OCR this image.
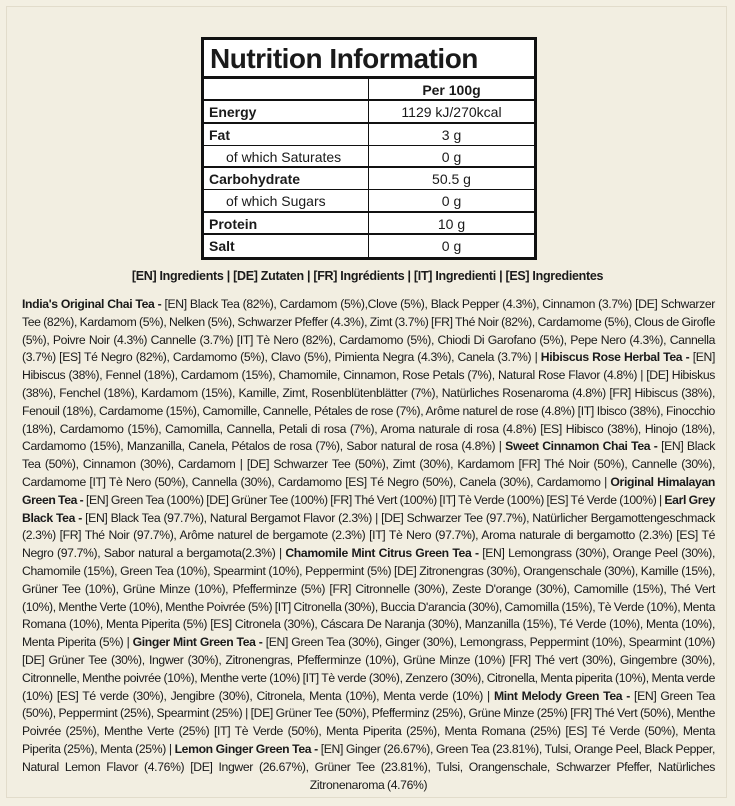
Nutrition Information
Per 100g
Energy	1129 kJ/270kcal
Fat	3 g
of which Saturates	0 g
Carbohydrate	50.5 g
of which Sugars	0 g
Protein	10 g
Salt	0 g
[EN] Ingredients | [DE] Zutaten | [FR] Ingrédients | [IT] Ingredienti | [ES] Ingredientes
India's Original Chai Tea - [EN] Black Tea (82%), Cardamom (5%),Clove (5%), Black Pepper (4.3%), Cinnamon (3.7%) [DE] Schwarzer Tee (82%), Kardamom (5%), Nelken (5%), Schwarzer Pfeffer (4.3%), Zimt (3.7%) [FR] Thé Noir (82%), Cardamome (5%), Clous de Girofle (5%), Poivre Noir (4.3%) Cannelle (3.7%) [IT] Tè Nero (82%), Cardamomo (5%), Chiodi Di Garofano (5%), Pepe Nero (4.3%), Cannella (3.7%) [ES] Té Negro (82%), Cardamomo (5%), Clavo (5%), Pimienta Negra (4.3%), Canela (3.7%) | Hibiscus Rose Herbal Tea - [EN] Hibiscus (38%), Fennel (18%), Cardamom (15%), Chamomile, Cinnamon, Rose Petals (7%), Natural Rose Flavor (4.8%) | [DE] Hibiskus (38%), Fenchel (18%), Kardamom (15%), Kamille, Zimt, Rosenblütenblätter (7%), Natürliches Rosenaroma (4.8%) [FR] Hibiscus (38%), Fenouil (18%), Cardamome (15%), Camomille, Cannelle, Pétales de rose (7%), Arôme naturel de rose (4.8%) [IT] Ibisco (38%), Finocchio (18%), Cardamomo (15%), Camomilla, Cannella, Petali di rosa (7%), Aroma naturale di rosa (4.8%) [ES] Hibisco (38%), Hinojo (18%), Cardamomo (15%), Manzanilla, Canela, Pétalos de rosa (7%), Sabor natural de rosa (4.8%) | Sweet Cinnamon Chai Tea - [EN] Black Tea (50%), Cinnamon (30%), Cardamom | [DE] Schwarzer Tee (50%), Zimt (30%), Kardamom [FR] Thé Noir (50%), Cannelle (30%), Cardamome [IT] Tè Nero (50%), Cannella (30%), Cardamomo [ES] Té Negro (50%), Canela (30%), Cardamomo | Original Himalayan Green Tea - [EN] Green Tea (100%) [DE] Grüner Tee (100%) [FR] Thé Vert (100%) [IT] Tè Verde (100%) [ES] Té Verde (100%) | Earl Grey Black Tea - [EN] Black Tea (97.7%), Natural Bergamot Flavor (2.3%) | [DE] Schwarzer Tee (97.7%), Natürlicher Bergamottengeschmack (2.3%) [FR] Thé Noir (97.7%), Arôme naturel de bergamote (2.3%) [IT] Tè Nero (97.7%), Aroma naturale di bergamotto (2.3%) [ES] Té Negro (97.7%), Sabor natural a bergamota(2.3%) | Chamomile Mint Citrus Green Tea - [EN] Lemongrass (30%), Orange Peel (30%), Chamomile (15%), Green Tea (10%), Spearmint (10%), Peppermint (5%) [DE] Zitronengras (30%), Orangenschale (30%), Kamille (15%), Grüner Tee (10%), Grüne Minze (10%), Pfefferminze (5%) [FR] Citronnelle (30%), Zeste D'orange (30%), Camomille (15%), Thé Vert (10%), Menthe Verte (10%), Menthe Poivrée (5%) [IT] Citronella (30%), Buccia D'arancia (30%), Camomilla (15%), Tè Verde (10%), Menta Romana (10%), Menta Piperita (5%) [ES] Citronela (30%), Cáscara De Naranja (30%), Manzanilla (15%), Té Verde (10%), Menta (10%), Menta Piperita (5%) | Ginger Mint Green Tea - [EN] Green Tea (30%), Ginger (30%), Lemongrass, Peppermint (10%), Spearmint (10%) [DE] Grüner Tee (30%), Ingwer (30%), Zitronengras, Pfefferminze (10%), Grüne Minze (10%) [FR] Thé vert (30%), Gingembre (30%), Citronnelle, Menthe poivrée (10%), Menthe verte (10%) [IT] Tè verde (30%), Zenzero (30%), Citronella, Menta piperita (10%), Menta verde (10%) [ES] Té verde (30%), Jengibre (30%), Citronela, Menta (10%), Menta verde (10%) | Mint Melody Green Tea - [EN] Green Tea (50%), Peppermint (25%), Spearmint (25%) | [DE] Grüner Tee (50%), Pfefferminz (25%), Grüne Minze (25%) [FR] Thé Vert (50%), Menthe Poivrée (25%), Menthe Verte (25%) [IT] Tè Verde (50%), Menta Piperita (25%), Menta Romana (25%) [ES] Té Verde (50%), Menta Piperita (25%), Menta (25%) | Lemon Ginger Green Tea - [EN] Ginger (26.67%), Green Tea (23.81%), Tulsi, Orange Peel, Black Pepper, Natural Lemon Flavor (4.76%) [DE] Ingwer (26.67%), Grüner Tee (23.81%), Tulsi, Orangenschale, Schwarzer Pfeffer, Natürliches Zitronenaroma (4.76%)
